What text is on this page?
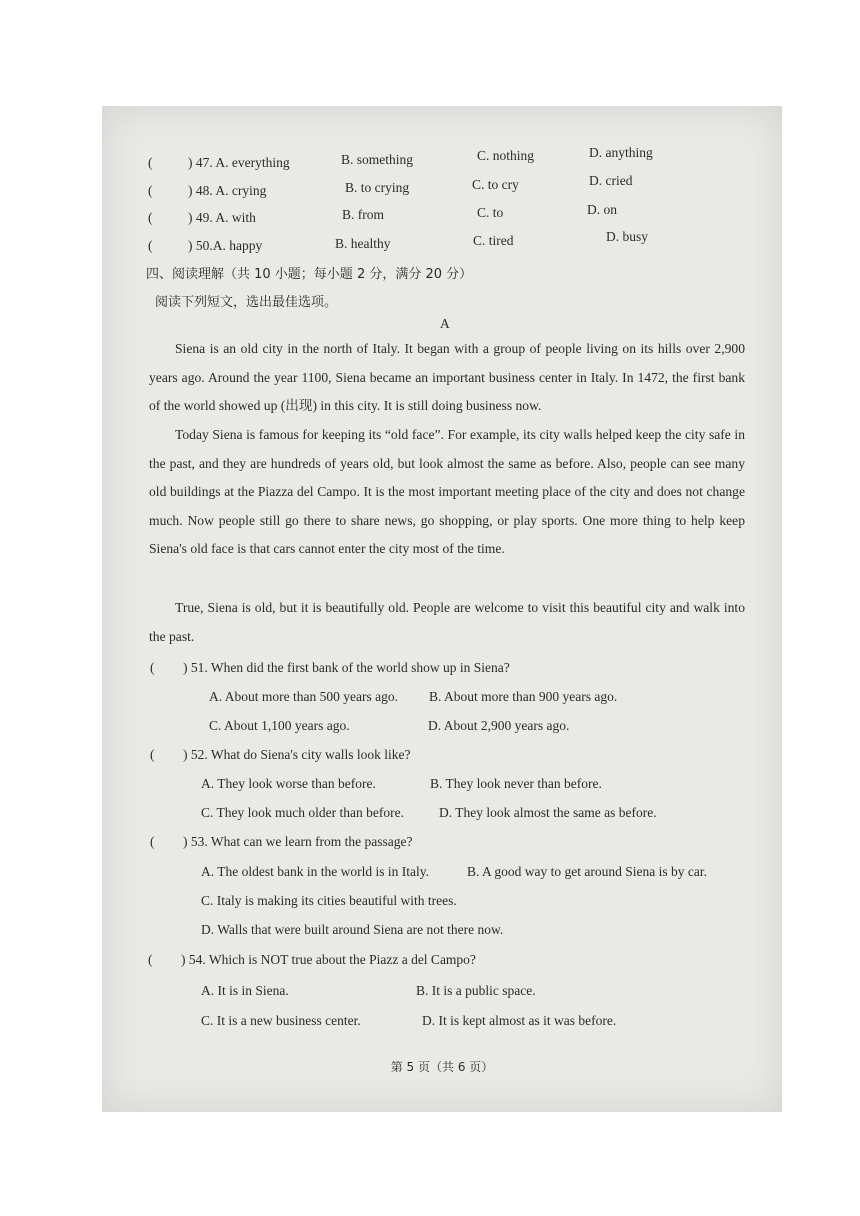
(	) 47. A. everything	B. something	C. nothing	D. anything
(	) 48. A. crying	B. to crying	C. to cry	D. cried
(	) 49. A. with	B. from	C. to	D. on
(	) 50.A. happy	B. healthy	C. tired	D. busy
四、阅读理解（共 10 小题；每小题 2 分，满分 20 分）
阅读下列短文，选出最佳选项。
A
Siena is an old city in the north of Italy. It began with a group of people living on its hills over 2,900 years ago. Around the year 1100, Siena became an important business center in Italy. In 1472, the first bank of the world showed up (出现) in this city. It is still doing business now.
Today Siena is famous for keeping its “old face”. For example, its city walls helped keep the city safe in the past, and they are hundreds of years old, but look almost the same as before. Also, people can see many old buildings at the Piazza del Campo. It is the most important meeting place of the city and does not change much. Now people still go there to share news, go shopping, or play sports. One more thing to help keep Siena's old face is that cars cannot enter the city most of the time.
True, Siena is old, but it is beautifully old. People are welcome to visit this beautiful city and walk into the past.
( ) 51. When did the first bank of the world show up in Siena?
A. About more than 500 years ago. B. About more than 900 years ago.
C. About 1,100 years ago.	D. About 2,900 years ago.
( ) 52. What do Siena's city walls look like?
A. They look worse than before.	B. They look never than before.
C. They look much older than before.	D. They look almost the same as before.
( ) 53. What can we learn from the passage?
A. The oldest bank in the world is in Italy.	B. A good way to get around Siena is by car.
C. Italy is making its cities beautiful with trees.
D. Walls that were built around Siena are not there now.
( ) 54. Which is NOT true about the Piazz a del Campo?
A. It is in Siena.	B. It is a public space.
C. It is a new business center.	D. It is kept almost as it was before.
第 5 页（共 6 页）
